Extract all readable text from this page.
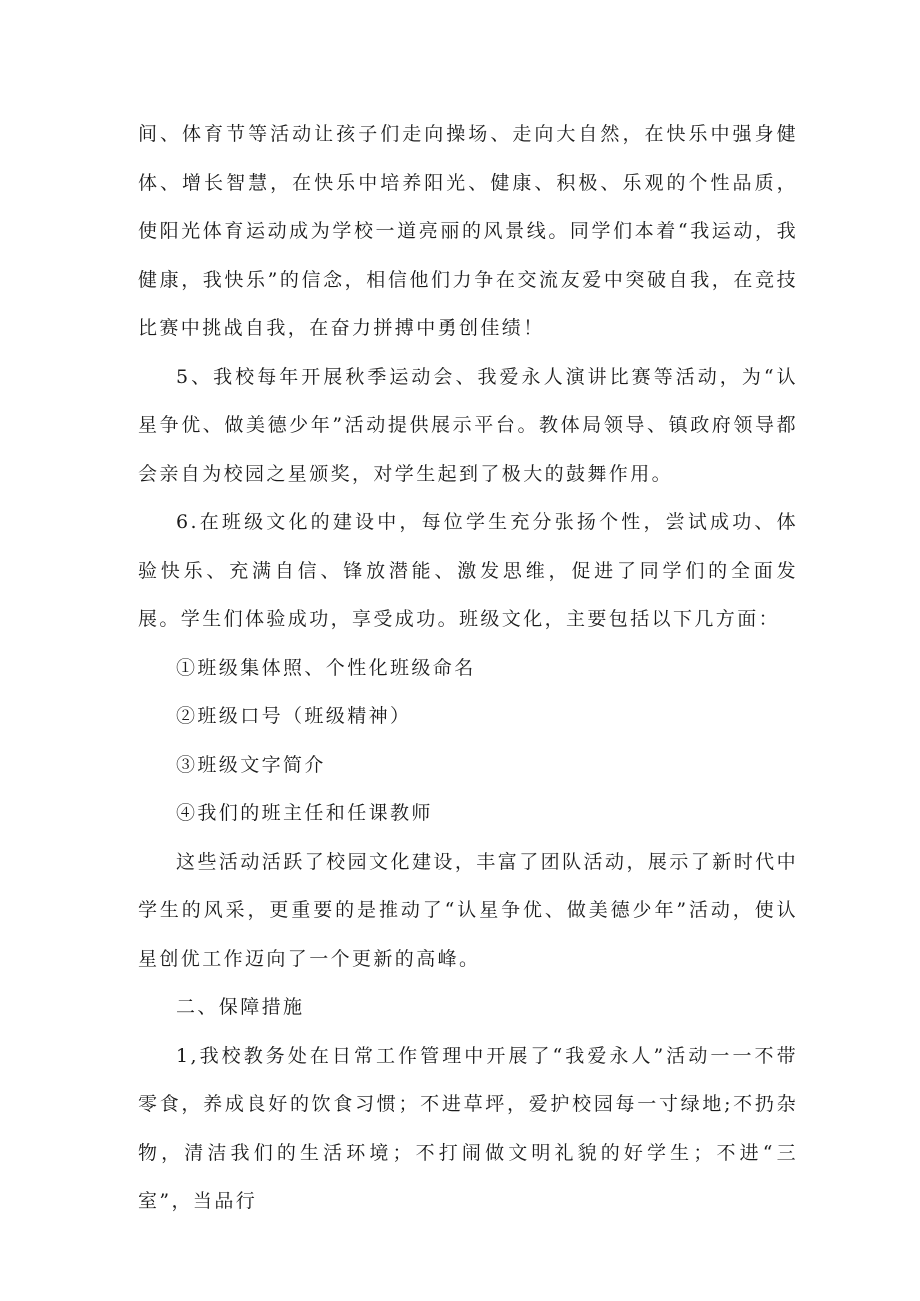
间、体育节等活动让孩子们走向操场、走向大自然，在快乐中强身健体、增长智慧，在快乐中培养阳光、健康、积极、乐观的个性品质，使阳光体育运动成为学校一道亮丽的风景线。同学们本着“我运动，我健康，我快乐”的信念，相信他们力争在交流友爱中突破自我，在竞技比赛中挑战自我，在奋力拼搏中勇创佳绩！

5、我校每年开展秋季运动会、我爱永人演讲比赛等活动，为“认星争优、做美德少年”活动提供展示平台。教体局领导、镇政府领导都会亲自为校园之星颁奖，对学生起到了极大的鼓舞作用。

6.在班级文化的建设中，每位学生充分张扬个性，尝试成功、体验快乐、充满自信、锋放潜能、激发思维，促进了同学们的全面发展。学生们体验成功，享受成功。班级文化，主要包括以下几方面：

①班级集体照、个性化班级命名

②班级口号（班级精神）

③班级文字简介

④我们的班主任和任课教师

这些活动活跃了校园文化建设，丰富了团队活动，展示了新时代中学生的风采，更重要的是推动了“认星争优、做美德少年”活动，使认星创优工作迈向了一个更新的高峰。

二、保障措施

1,我校教务处在日常工作管理中开展了“我爱永人”活动一一不带零食，养成良好的饮食习惯；不进草坪，爱护校园每一寸绿地;不扔杂物，清洁我们的生活环境；不打闹做文明礼貌的好学生；不进“三室”，当品行
